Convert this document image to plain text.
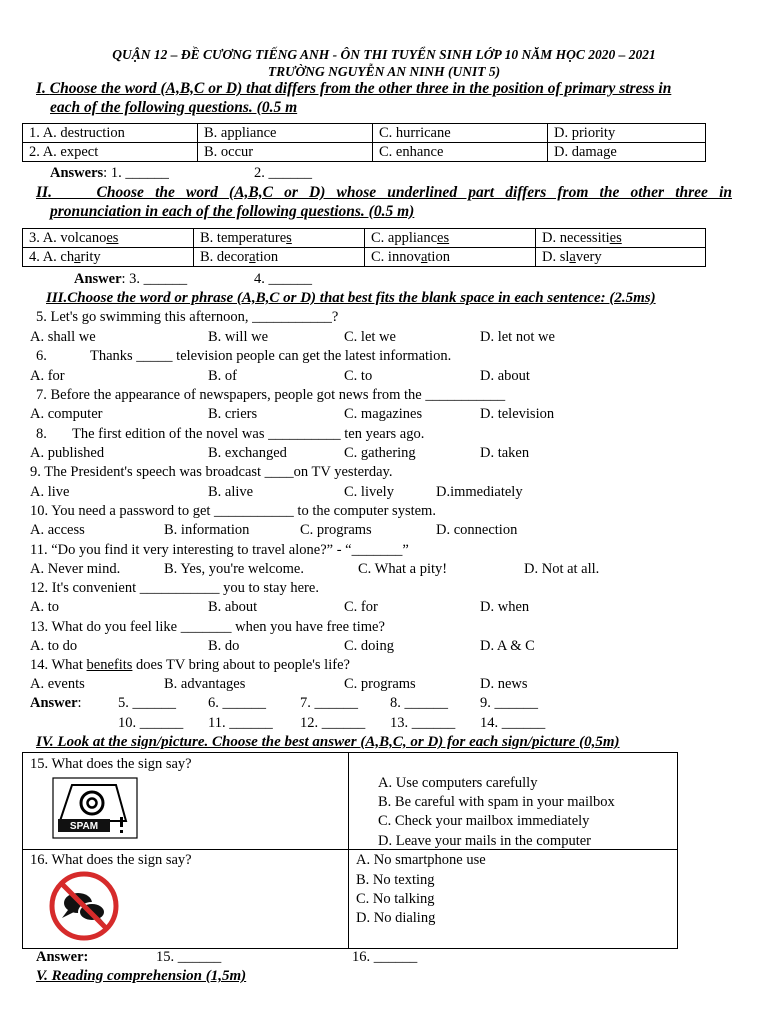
QUẬN 12 – ĐỀ CƯƠNG TIẾNG ANH - ÔN THI TUYỂN SINH LỚP 10 NĂM HỌC 2020 – 2021
TRƯỜNG NGUYỄN AN NINH (UNIT 5)
I. Choose the word (A,B,C or D) that differs from the other three in the position of primary stress in
each of the following questions. (0.5 m
1. A. destruction	B. appliance	C. hurricane	D. priority
2. A. expect	B. occur	C. enhance	D. damage
Answers: 1. ______	2. ______
II.	Choose the word (A,B,C or D) whose underlined part differs from the other three in
pronunciation in each of the following questions. (0.5 m)
3. A. volcanoes	B. temperatures	C. appliances	D. necessities
4. A. charity	B. decoration	C. innovation	D. slavery
Answer: 3. ______	4. ______
III.Choose the word or phrase (A,B,C or D) that best fits the blank space in each sentence: (2.5ms)
5. Let's go swimming this afternoon, ___________?
A. shall we	B. will we	C. let we	D. let not we
6.	Thanks _____ television people can get the latest information.
A. for	B. of	C. to	D. about
7. Before the appearance of newspapers, people got news from the ___________
A. computer	B. criers	C. magazines	D. television
8. The first edition of the novel was __________ ten years ago.
A. published	B. exchanged	C. gathering	D. taken
9. The President's speech was broadcast ____on TV yesterday.
A. live	B. alive	C. lively	D.immediately
10. You need a password to get ___________ to the computer system.
A. access	B. information	C. programs	D. connection
11. “Do you find it very interesting to travel alone?” - “_______”
A. Never mind.	B. Yes, you're welcome.	C. What a pity!	D. Not at all.
12. It's convenient ___________ you to stay here.
A. to	B. about	C. for	D. when
13. What do you feel like _______ when you have free time?
A. to do	B. do	C. doing	D. A & C
14. What benefits does TV bring about to people's life?
A. events	B. advantages	C. programs	D. news
Answer:	5. ______ 6. ______ 7. ______ 8. ______ 9. ______
10. ______ 11. ______ 12. ______ 13. ______ 14. ______
IV. Look at the sign/picture. Choose the best answer (A,B,C, or D) for each sign/picture (0,5m)
15. What does the sign say?
SPAM
A. Use computers carefully
B. Be careful with spam in your mailbox
C. Check your mailbox immediately
D. Leave your mails in the computer
16. What does the sign say?	A. No smartphone use
B. No texting
C. No talking
D. No dialing
Answer:	15. ______	16. ______
V. Reading comprehension (1,5m)
